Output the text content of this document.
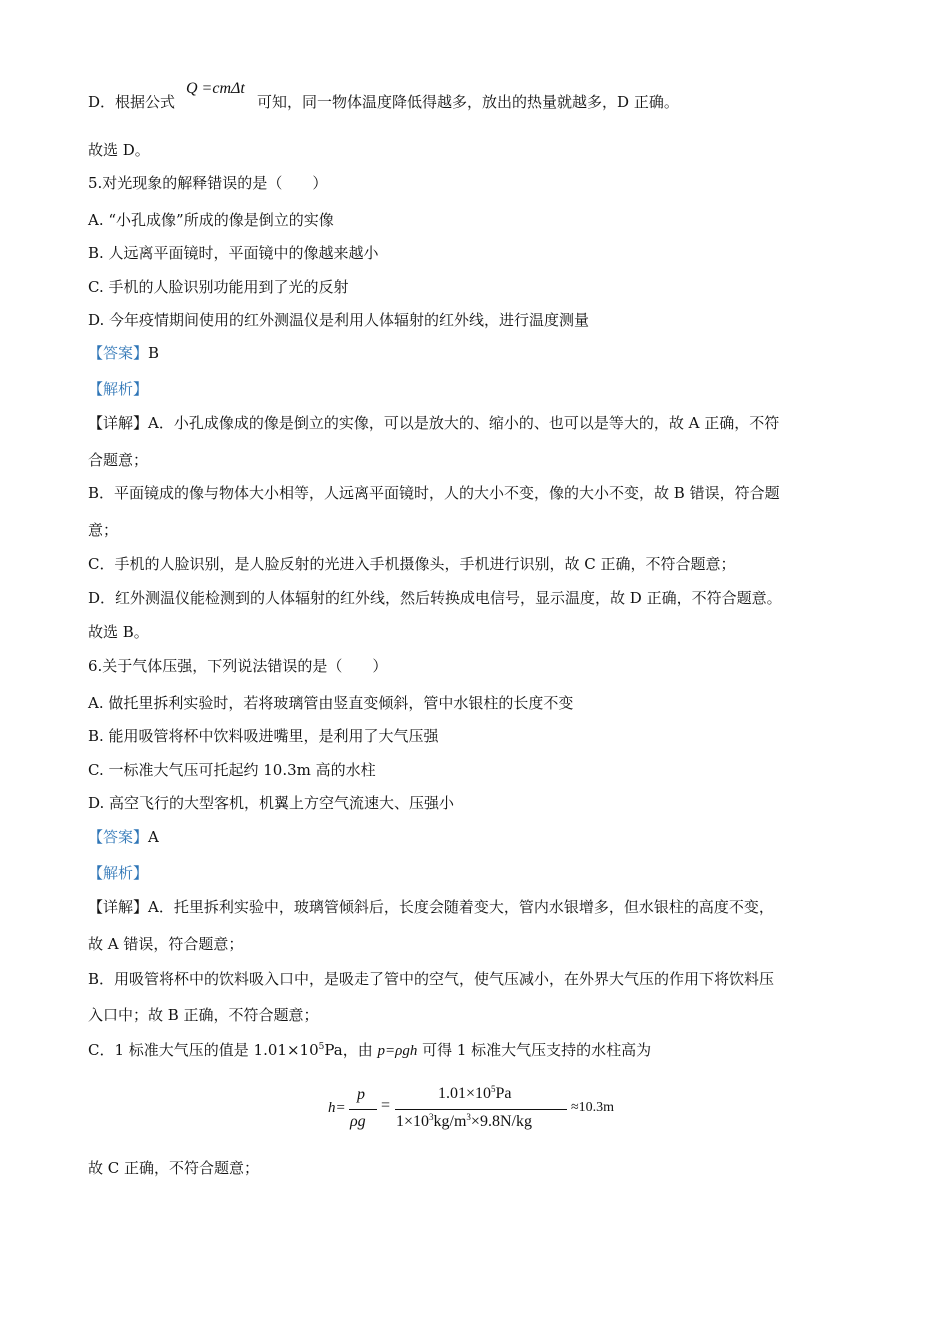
D．根据公式	可知，同一物体温度降低得越多，放出的热量就越多，D 正确。
Q =cmΔt
故选 D。
5.对光现象的解释错误的是（　　）
A. “小孔成像”所成的像是倒立的实像
B. 人远离平面镜时，平面镜中的像越来越小
C. 手机的人脸识别功能用到了光的反射
D. 今年疫情期间使用的红外测温仪是利用人体辐射的红外线，进行温度测量
【答案】B
【解析】
【详解】A．小孔成像成的像是倒立的实像，可以是放大的、缩小的、也可以是等大的，故 A 正确，不符
合题意；
B．平面镜成的像与物体大小相等，人远离平面镜时，人的大小不变，像的大小不变，故 B 错误，符合题
意；
C．手机的人脸识别，是人脸反射的光进入手机摄像头，手机进行识别，故 C 正确，不符合题意；
D．红外测温仪能检测到的人体辐射的红外线，然后转换成电信号，显示温度，故 D 正确，不符合题意。
故选 B。
6.关于气体压强，下列说法错误的是（　　）
A. 做托里拆利实验时，若将玻璃管由竖直变倾斜，管中水银柱的长度不变
B. 能用吸管将杯中饮料吸进嘴里，是利用了大气压强
C. 一标准大气压可托起约 10.3m 高的水柱
D. 高空飞行的大型客机，机翼上方空气流速大、压强小
【答案】A
【解析】
【详解】A．托里拆利实验中，玻璃管倾斜后，长度会随着变大，管内水银增多，但水银柱的高度不变，
故 A 错误，符合题意；
B．用吸管将杯中的饮料吸入口中，是吸走了管中的空气，使气压减小，在外界大气压的作用下将饮料压
入口中；故 B 正确，不符合题意；
C．1 标准大气压的值是 $1.01\times 10^5Pa$，由 p=ρgh 可得 1 标准大气压支持的水柱高为
h=
p
ρg
=
$1.01\times 10^5Pa$
$1\times 10^3kg/m^3\times 9.8N/kg$
≈10.3m
故 C 正确，不符合题意；
